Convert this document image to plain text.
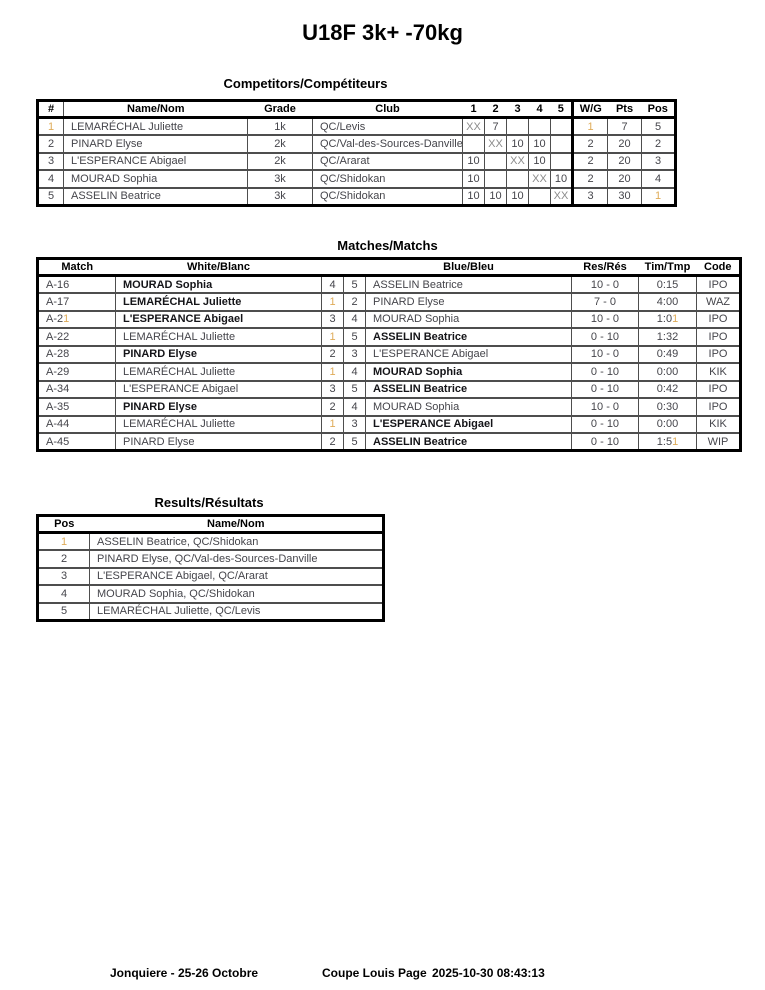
U18F 3k+ -70kg
Competitors/Compétiteurs
#	Name/Nom	Grade	Club	1	2	3	4	5	W/G	Pts	Pos
1	LEMARÉCHAL Juliette	1k	QC/Levis	XX	7				1	7	5
2	PINARD Elyse	2k	QC/Val-des-Sources-Danville		XX	10	10		2	20	2
3	L'ESPERANCE Abigael	2k	QC/Ararat	10		XX	10		2	20	3
4	MOURAD Sophia	3k	QC/Shidokan	10			XX	10	2	20	4
5	ASSELIN Beatrice	3k	QC/Shidokan	10	10	10		XX	3	30	1
Matches/Matchs
Match	White/Blanc			Blue/Bleu	Res/Rés	Tim/Tmp	Code
A-16	MOURAD Sophia	4	5	ASSELIN Beatrice	10 - 0	0:15	IPO
A-17	LEMARÉCHAL Juliette	1	2	PINARD Elyse	7 - 0	4:00	WAZ
A-21	L'ESPERANCE Abigael	3	4	MOURAD Sophia	10 - 0	1:01	IPO
A-22	LEMARÉCHAL Juliette	1	5	ASSELIN Beatrice	0 - 10	1:32	IPO
A-28	PINARD Elyse	2	3	L'ESPERANCE Abigael	10 - 0	0:49	IPO
A-29	LEMARÉCHAL Juliette	1	4	MOURAD Sophia	0 - 10	0:00	KIK
A-34	L'ESPERANCE Abigael	3	5	ASSELIN Beatrice	0 - 10	0:42	IPO
A-35	PINARD Elyse	2	4	MOURAD Sophia	10 - 0	0:30	IPO
A-44	LEMARÉCHAL Juliette	1	3	L'ESPERANCE Abigael	0 - 10	0:00	KIK
A-45	PINARD Elyse	2	5	ASSELIN Beatrice	0 - 10	1:51	WIP
Results/Résultats
Pos	Name/Nom
1	ASSELIN Beatrice, QC/Shidokan
2	PINARD Elyse, QC/Val-des-Sources-Danville
3	L'ESPERANCE Abigael, QC/Ararat
4	MOURAD Sophia, QC/Shidokan
5	LEMARÉCHAL Juliette, QC/Levis
Jonquiere - 25-26 Octobre	Coupe Louis Page 2025-10-30 08:43:13
